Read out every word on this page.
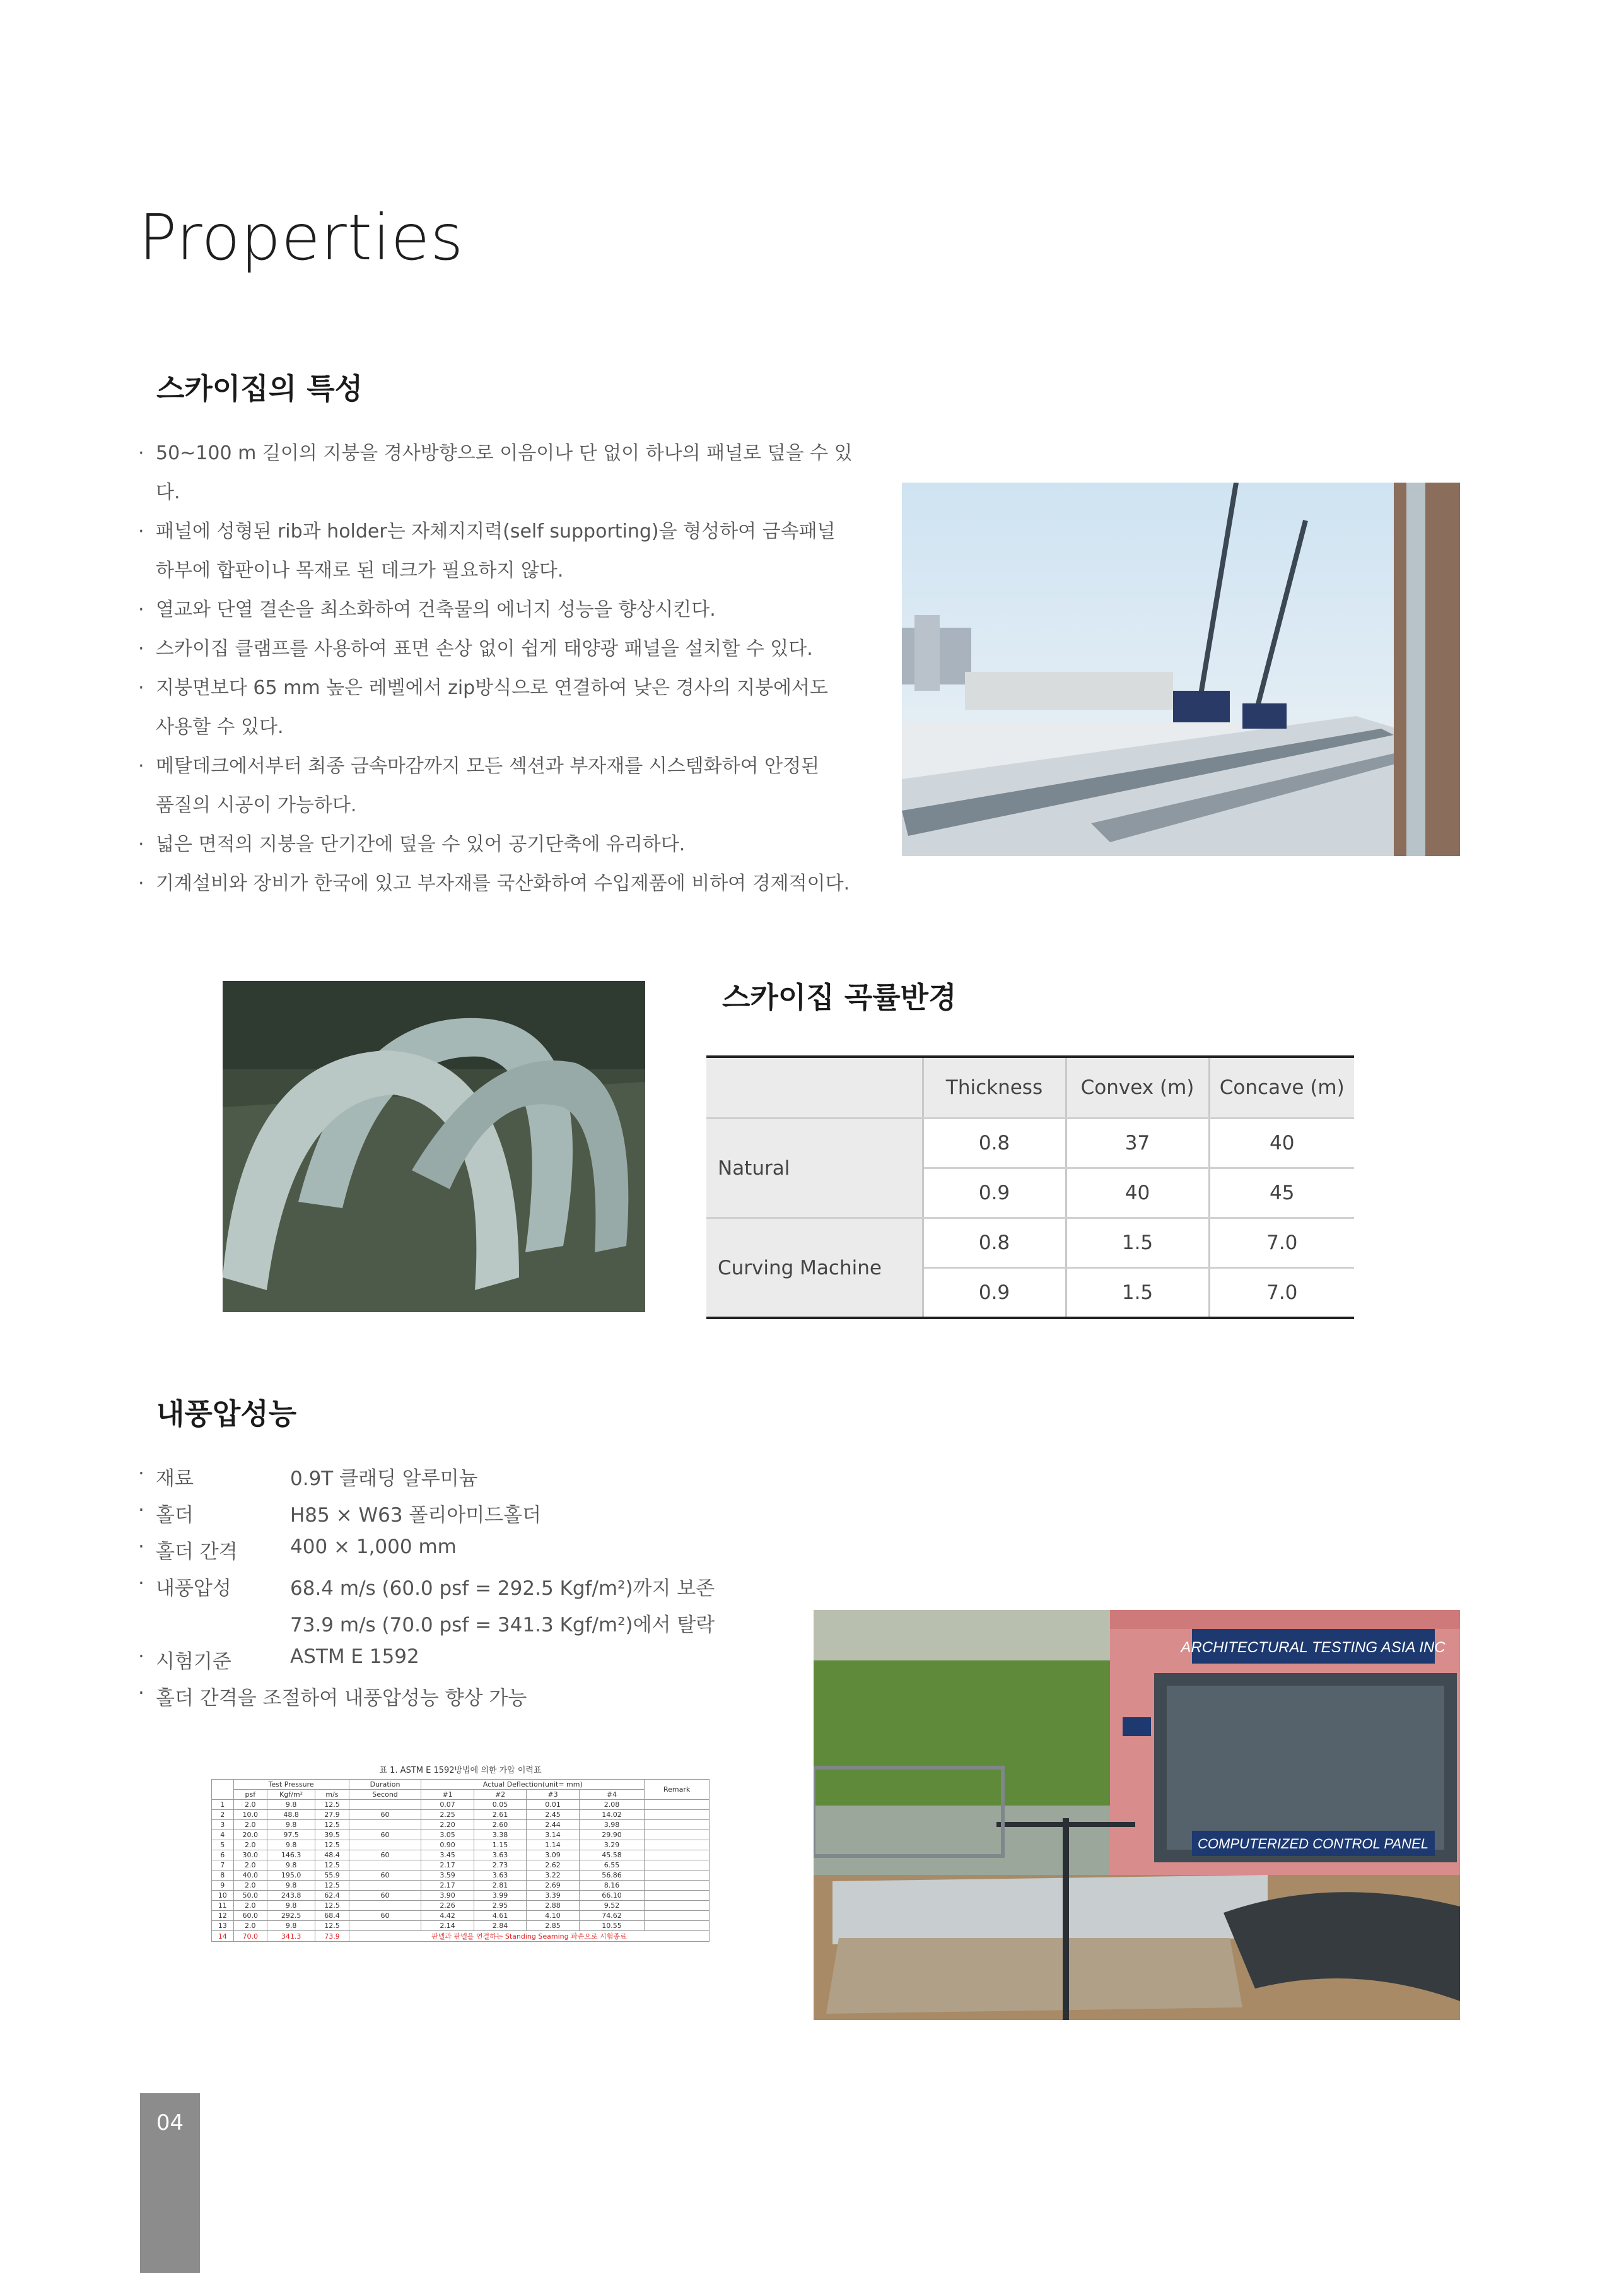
Properties
스카이집의 특성
· 50~100 m 길이의 지붕을 경사방향으로 이음이나 단 없이 하나의 패널로 덮을 수 있다.
· 패널에 성형된 rib과 holder는 자체지지력(self supporting)을 형성하여 금속패널
하부에 합판이나 목재로 된 데크가 필요하지 않다.
· 열교와 단열 결손을 최소화하여 건축물의 에너지 성능을 향상시킨다.
· 스카이집 클램프를 사용하여 표면 손상 없이 쉽게 태양광 패널을 설치할 수 있다.
· 지붕면보다 65 mm 높은 레벨에서 zip방식으로 연결하여 낮은 경사의 지붕에서도
사용할 수 있다.
· 메탈데크에서부터 최종 금속마감까지 모든 섹션과 부자재를 시스템화하여 안정된
품질의 시공이 가능하다.
· 넓은 면적의 지붕을 단기간에 덮을 수 있어 공기단축에 유리하다.
· 기계설비와 장비가 한국에 있고 부자재를 국산화하여 수입제품에 비하여 경제적이다.
스카이집 곡률반경
	Thickness	Convex (m)	Concave (m)
Natural	0.8	37	40
	0.9	40	45
Curving Machine	0.8	1.5	7.0
	0.9	1.5	7.0
내풍압성능
· 재료	0.9T 클래딩 알루미늄
· 홀더	H85 × W63 폴리아미드홀더
· 홀더 간격	400 × 1,000 mm
· 내풍압성	68.4 m/s (60.0 psf = 292.5 Kgf/m²)까지 보존
73.9 m/s (70.0 psf = 341.3 Kgf/m²)에서 탈락
· 시험기준	ASTM E 1592
· 홀더 간격을 조절하여 내풍압성능 향상 가능
표 1. ASTM E 1592방법에 의한 가압 이력표
	Test Pressure			Duration	Actual Deflection(unit= mm)				Remark
	psf	Kgf/m²	m/s	Second	#1	#2	#3	#4	
1	2.0	9.8	12.5		0.07	0.05	0.01	2.08	
2	10.0	48.8	27.9	60	2.25	2.61	2.45	14.02	
3	2.0	9.8	12.5		2.20	2.60	2.44	3.98	
4	20.0	97.5	39.5	60	3.05	3.38	3.14	29.90	
5	2.0	9.8	12.5		0.90	1.15	1.14	3.29	
6	30.0	146.3	48.4	60	3.45	3.63	3.09	45.58	
7	2.0	9.8	12.5		2.17	2.73	2.62	6.55	
8	40.0	195.0	55.9	60	3.59	3.63	3.22	56.86	
9	2.0	9.8	12.5		2.17	2.81	2.69	8.16	
10	50.0	243.8	62.4	60	3.90	3.99	3.39	66.10	
11	2.0	9.8	12.5		2.26	2.95	2.88	9.52	
12	60.0	292.5	68.4	60	4.42	4.61	4.10	74.62	
13	2.0	9.8	12.5		2.14	2.84	2.85	10.55	
14	70.0	341.3	73.9	판넬과 판넬을 연결하는 Standing Seaming 파손으로 시험종료					
ARCHITECTURAL TESTING ASIA INC
COMPUTERIZED CONTROL PANEL
04
